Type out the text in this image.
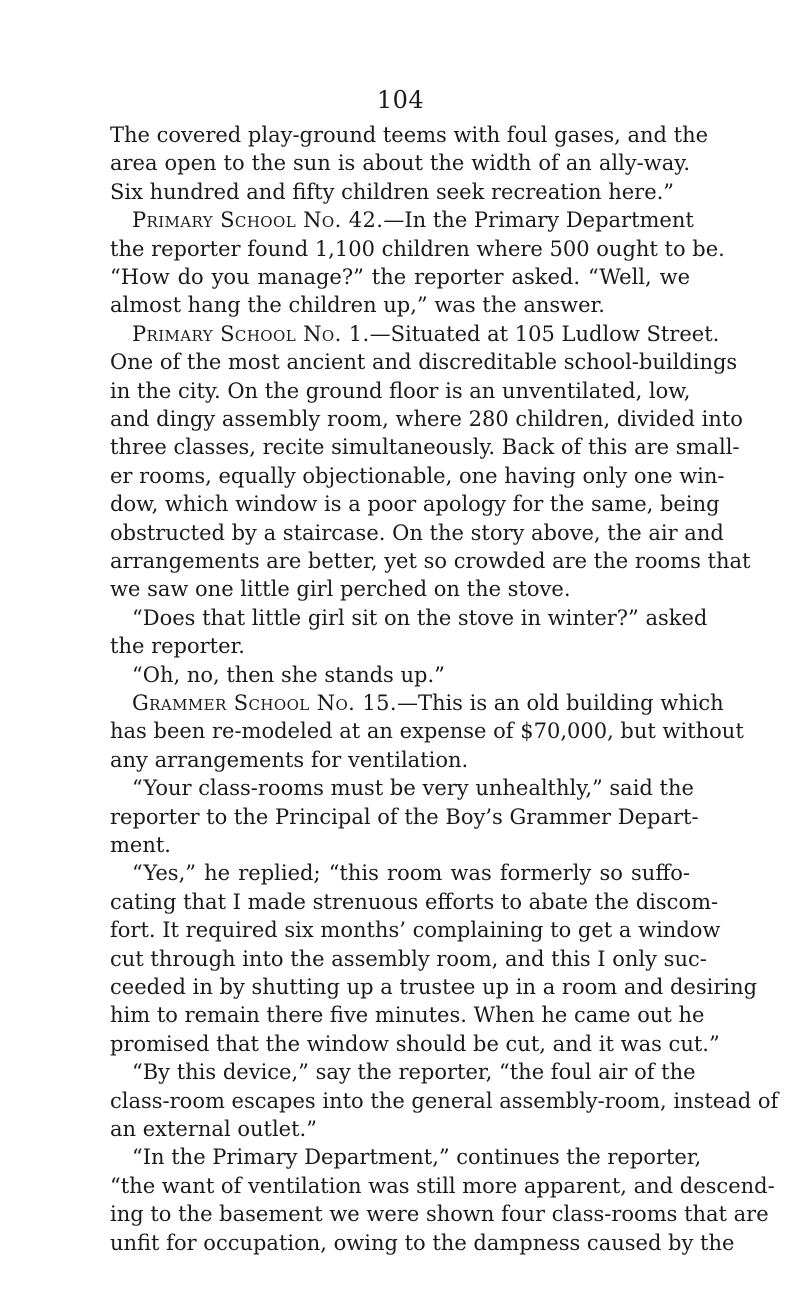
104
The covered play-ground teems with foul gases, and the
area open to the sun is about the width of an ally-way.
Six hundred and fifty children seek recreation here.”
Primary School No. 42.—In the Primary Department
the reporter found 1,100 children where 500 ought to be.
“How do you manage?” the reporter asked. “Well, we
almost hang the children up,” was the answer.
Primary School No. 1.—Situated at 105 Ludlow Street.
One of the most ancient and discreditable school-buildings
in the city. On the ground floor is an unventilated, low,
and dingy assembly room, where 280 children, divided into
three classes, recite simultaneously. Back of this are small-
er rooms, equally objectionable, one having only one win-
dow, which window is a poor apology for the same, being
obstructed by a staircase. On the story above, the air and
arrangements are better, yet so crowded are the rooms that
we saw one little girl perched on the stove.
“Does that little girl sit on the stove in winter?” asked
the reporter.
“Oh, no, then she stands up.”
Grammer School No. 15.—This is an old building which
has been re-modeled at an expense of $70,000, but without
any arrangements for ventilation.
“Your class-rooms must be very unhealthly,” said the
reporter to the Principal of the Boy’s Grammer Depart-
ment.
“Yes,” he replied; “this room was formerly so suffo-
cating that I made strenuous efforts to abate the discom-
fort. It required six months’ complaining to get a window
cut through into the assembly room, and this I only suc-
ceeded in by shutting up a trustee up in a room and desiring
him to remain there five minutes. When he came out he
promised that the window should be cut, and it was cut.”
“By this device,” say the reporter, “the foul air of the
class-room escapes into the general assembly-room, instead of
an external outlet.”
“In the Primary Department,” continues the reporter,
“the want of ventilation was still more apparent, and descend-
ing to the basement we were shown four class-rooms that are
unfit for occupation, owing to the dampness caused by the
